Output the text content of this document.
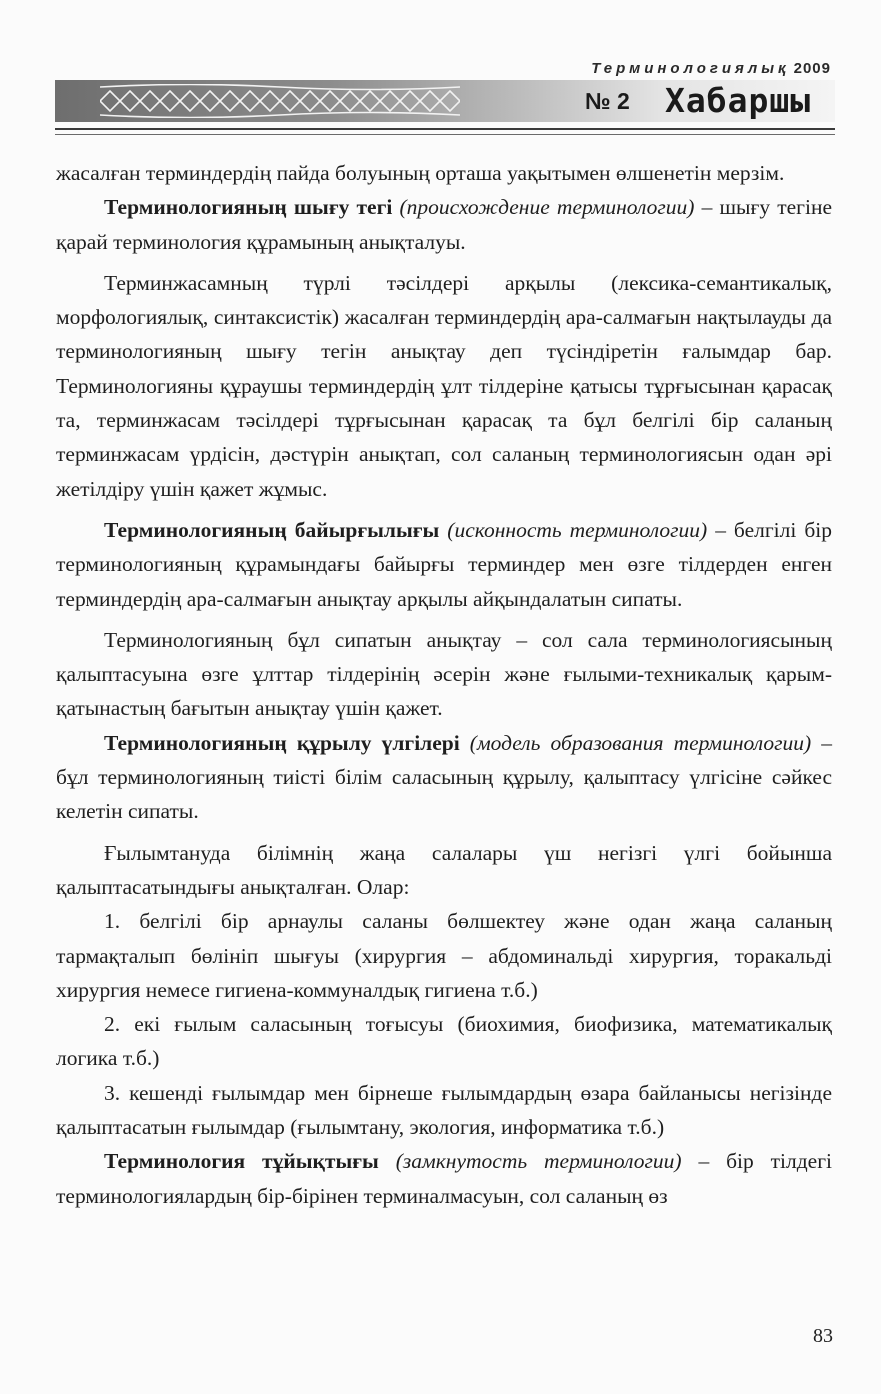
Терминологиялық 2009
№ 2 Хабаршы

жасалған терминдердің пайда болуының орташа уақытымен өлшенетін мерзім.

Терминологияның шығу тегі (происхождение терминологии) – шығу тегіне қарай терминология құрамының анықталуы.

Терминжасамның түрлі тәсілдері арқылы (лексика-семантикалық, морфологиялық, синтаксистік) жасалған терминдердің ара-салмағын нақтылауды да терминологияның шығу тегін анықтау деп түсіндіретін ғалымдар бар. Терминологияны құраушы терминдердің ұлт тілдеріне қатысы тұрғысынан қарасақ та, терминжасам тәсілдері тұрғысынан қарасақ та бұл белгілі бір саланың терминжасам үрдісін, дәстүрін анықтап, сол саланың терминологиясын одан әрі жетілдіру үшін қажет жұмыс.

Терминологияның байырғылығы (исконность терминологии) – белгілі бір терминологияның құрамындағы байырғы терминдер мен өзге тілдерден енген терминдердің ара-салмағын анықтау арқылы айқындалатын сипаты.

Терминологияның бұл сипатын анықтау – сол сала терминологиясының қалыптасуына өзге ұлттар тілдерінің әсерін және ғылыми-техникалық қарым-қатынастың бағытын анықтау үшін қажет.

Терминологияның құрылу үлгілері (модель образования терминологии) – бұл терминологияның тиісті білім саласының құрылу, қалыптасу үлгісіне сәйкес келетін сипаты.

Ғылымтануда білімнің жаңа салалары үш негізгі үлгі бойынша қалыптасатындығы анықталған. Олар:

1. белгілі бір арнаулы саланы бөлшектеу және одан жаңа саланың тармақталып бөлініп шығуы (хирургия – абдоминальді хирургия, торакальді хирургия немесе гигиена-коммуналдық гигиена т.б.)

2. екі ғылым саласының тоғысуы (биохимия, биофизика, математикалық логика т.б.)

3. кешенді ғылымдар мен бірнеше ғылымдардың өзара байланысы негізінде қалыптасатын ғылымдар (ғылымтану, экология, информатика т.б.)

Терминология тұйықтығы (замкнутость терминологии) – бір тілдегі терминологиялардың бір-бірінен терминалмасуын, сол саланың өз

83
